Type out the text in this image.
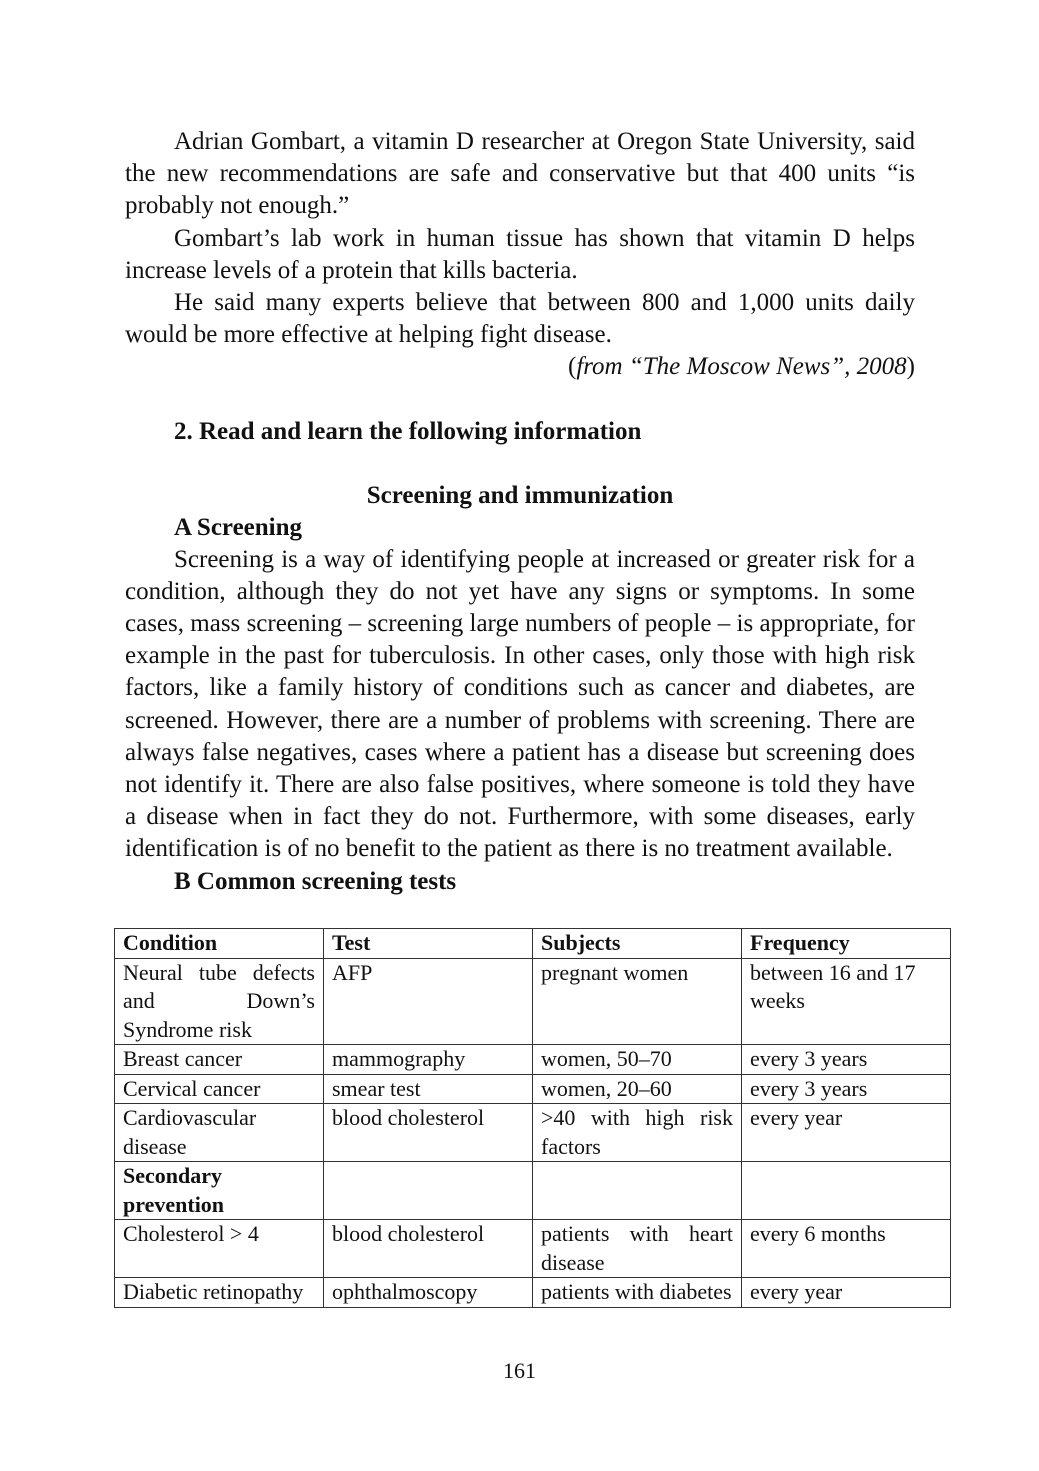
Adrian Gombart, a vitamin D researcher at Oregon State University, said the new recommendations are safe and conservative but that 400 units “is probably not enough.”

Gombart’s lab work in human tissue has shown that vitamin D helps increase levels of a protein that kills bacteria.

He said many experts believe that between 800 and 1,000 units daily would be more effective at helping fight disease.

(from “The Moscow News”, 2008)

2. Read and learn the following information
Screening and immunization
A Screening

Screening is a way of identifying people at increased or greater risk for a condition, although they do not yet have any signs or symptoms. In some cases, mass screening – screening large numbers of people – is appropriate, for example in the past for tuberculosis. In other cases, only those with high risk factors, like a family history of conditions such as cancer and diabetes, are screened. However, there are a number of problems with screening. There are always false negatives, cases where a patient has a disease but screening does not identify it. There are also false positives, where someone is told they have a disease when in fact they do not. Furthermore, with some diseases, early identification is of no benefit to the patient as there is no treatment available.

B Common screening tests
Condition	Test	Subjects	Frequency
Neural tube defects and Down’s Syndrome risk	AFP	pregnant women	between 16 and 17 weeks
Breast cancer	mammography	women, 50–70	every 3 years
Cervical cancer	smear test	women, 20–60	every 3 years
Cardiovascular disease	blood cholesterol	>40 with high risk factors	every year
Secondary prevention			
Cholesterol > 4	blood cholesterol	patients with heart disease	every 6 months
Diabetic retinopathy	ophthalmoscopy	patients with diabetes	every year
161
